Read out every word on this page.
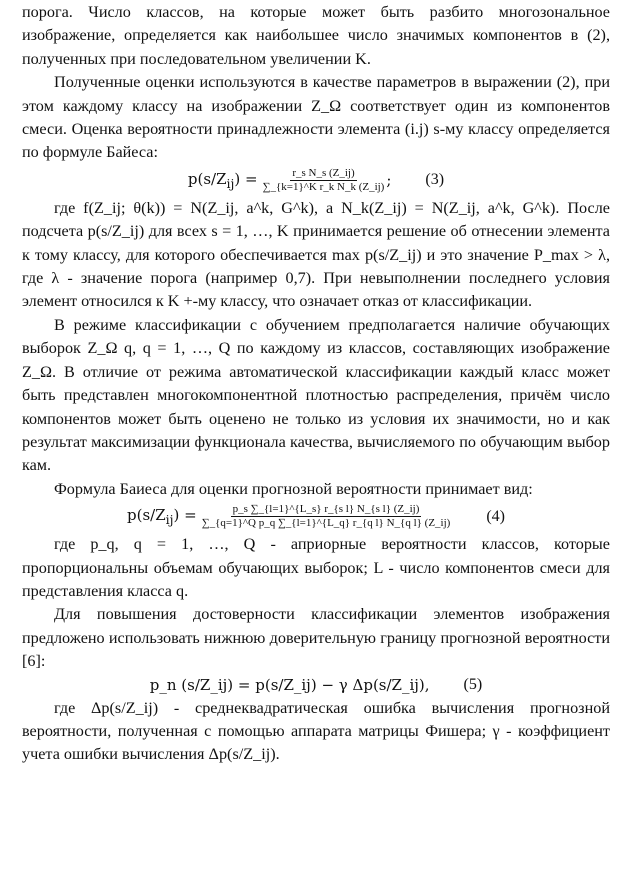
порога. Число классов, на которые может быть разбито многозональное изображение, определяется как наибольшее число значимых компонентов в (2), полученных при последовательном увеличении K.

Полученные оценки используются в качестве параметров в выражении (2), при этом каждому классу на изображении Z_Ω соответствует один из компонентов смеси. Оценка вероятности принадлежности элемента (i.j) s-му классу определяется по формуле Байеса:

$p(s/Z_{ij}) = \frac{\text{r\_s N\_s (Z\_ij)}}{\text{∑\_\{k=1\}\textasciicircum{}K r\_k N\_k (Z\_ij)}}$ ; (3)

где f(Z_ij; θ(k)) = N(Z_ij, a^k, G^k), а N_k(Z_ij) = N(Z_ij, a^k, G^k). После подсчета p(s/Z_ij) для всех s = 1, …, K принимается решение об отнесении элемента к тому классу, для которого обеспечивается max p(s/Z_ij) и это значение P_max > λ, где λ - значение порога (например 0,7). При невыполнении последнего условия элемент относился к K +-му классу, что означает отказ от классификации.

В режиме классификации с обучением предполагается наличие обучающих выборок Z_Ω q, q = 1, …, Q по каждому из классов, составляющих изображение Z_Ω. В отличие от режима автоматической классификации каждый класс может быть представлен многокомпонентной плотностью распределения, причём число компонентов может быть оценено не только из условия их значимости, но и как результат максимизации функционала качества, вычисляемого по обучающим выбор кам.

Формула Баиеса для оценки прогнозной вероятности принимает вид:

$p(s/Z_{ij}) = \frac{\text{p\_s ∑\_\{l=1\}\textasciicircum{}\{L\_s\} r\_\{s l\} N\_\{s l\} (Z\_ij)}}{\text{∑\_\{q=1\}\textasciicircum{}Q p\_q ∑\_\{l=1\}\textasciicircum{}\{L\_q\} r\_\{q l\} N\_\{q l\} (Z\_ij)}} (4)$

где p_q, q = 1, …, Q - априорные вероятности классов, которые пропорциональны объемам обучающих выборок; L - число компонентов смеси для представления класса q.

Для повышения достоверности классификации элементов изображения предложено использовать нижнюю доверительную границу прогнозной вероятности [6]:

p_n (s/Z_ij) = p(s/Z_ij) − γ Δp(s/Z_ij), (5)

где Δp(s/Z_ij) - среднеквадратическая ошибка вычисления прогнозной вероятности, полученная с помощью аппарата матрицы Фишера; γ - коэффициент учета ошибки вычисления Δp(s/Z_ij).
